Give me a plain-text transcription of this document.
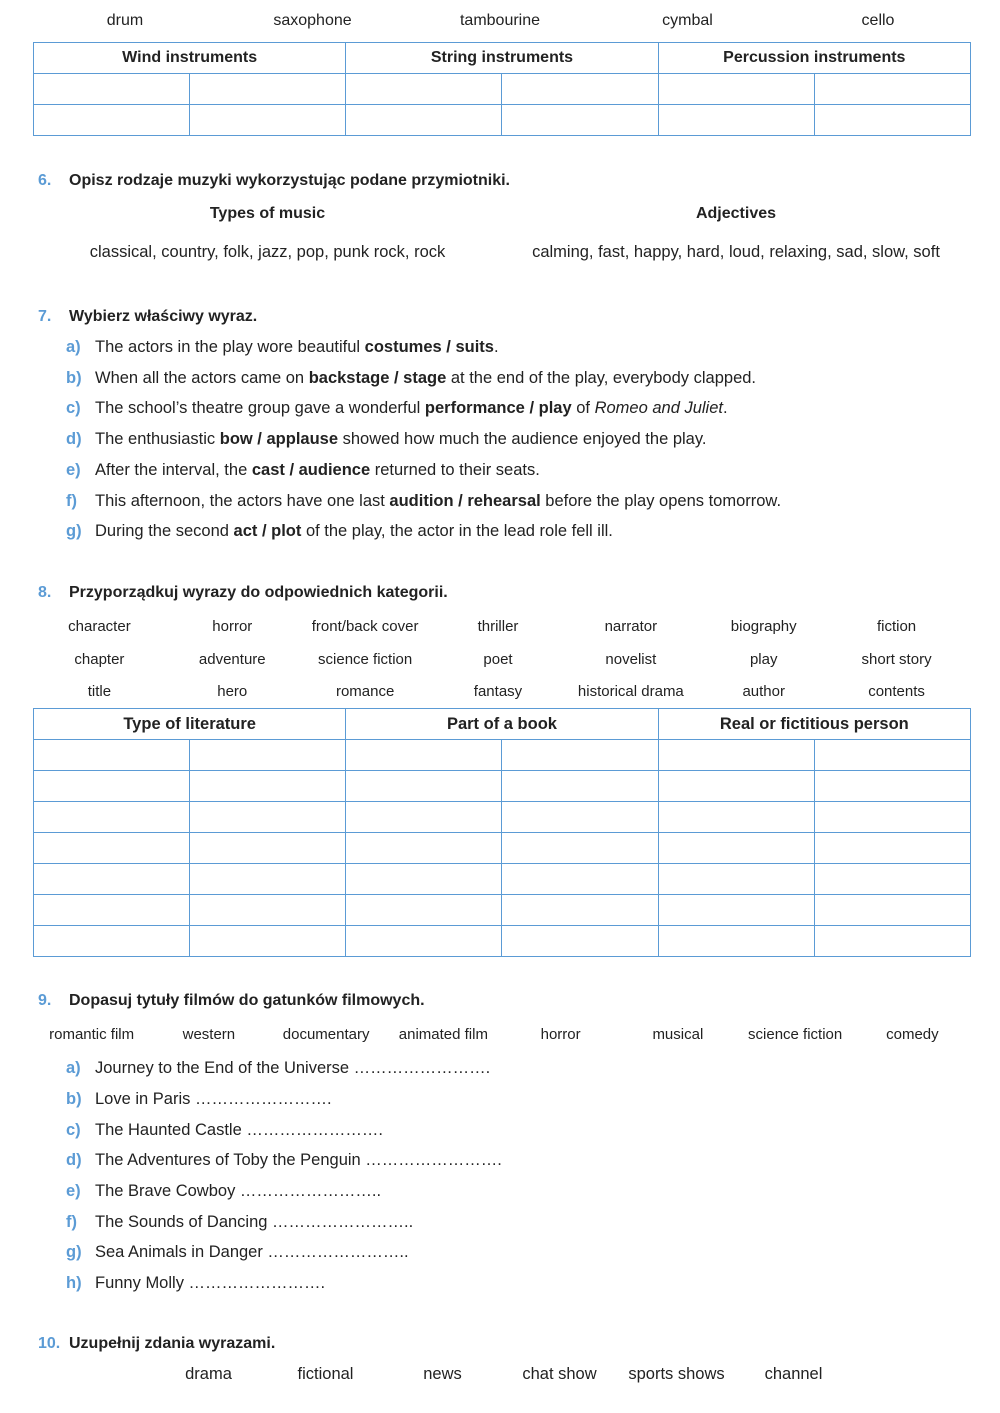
drum	saxophone	tambourine	cymbal	cello
Wind instruments		String instruments		Percussion instruments	

6. Opisz rodzaje muzyki wykorzystując podane przymiotniki.
Types of music	Adjectives
classical, country, folk, jazz, pop, punk rock, rock	calming, fast, happy, hard, loud, relaxing, sad, slow, soft
7. Wybierz właściwy wyraz.
a) The actors in the play wore beautiful costumes / suits.
b) When all the actors came on backstage / stage at the end of the play, everybody clapped.
c) The school’s theatre group gave a wonderful performance / play of Romeo and Juliet.
d) The enthusiastic bow / applause showed how much the audience enjoyed the play.
e) After the interval, the cast / audience returned to their seats.
f) This afternoon, the actors have one last audition / rehearsal before the play opens tomorrow.
g) During the second act / plot of the play, the actor in the lead role fell ill.
8. Przyporządkuj wyrazy do odpowiednich kategorii.
character	horror	front/back cover	thriller	narrator	biography	fiction
chapter	adventure	science fiction	poet	novelist	play	short story
title	hero	romance	fantasy	historical drama	author	contents
Type of literature		Part of a book		Real or fictitious person	

9. Dopasuj tytuły filmów do gatunków filmowych.
romantic film	western	documentary	animated film	horror	musical	science fiction	comedy
a) Journey to the End of the Universe …………………….
b) Love in Paris …………………….
c) The Haunted Castle …………………….
d) The Adventures of Toby the Penguin …………………….
e) The Brave Cowboy ……………………..
f) The Sounds of Dancing ……………………..
g) Sea Animals in Danger ……………………..
h) Funny Molly …………………….
10. Uzupełnij zdania wyrazami.
drama	fictional	news	chat show	sports shows	channel
